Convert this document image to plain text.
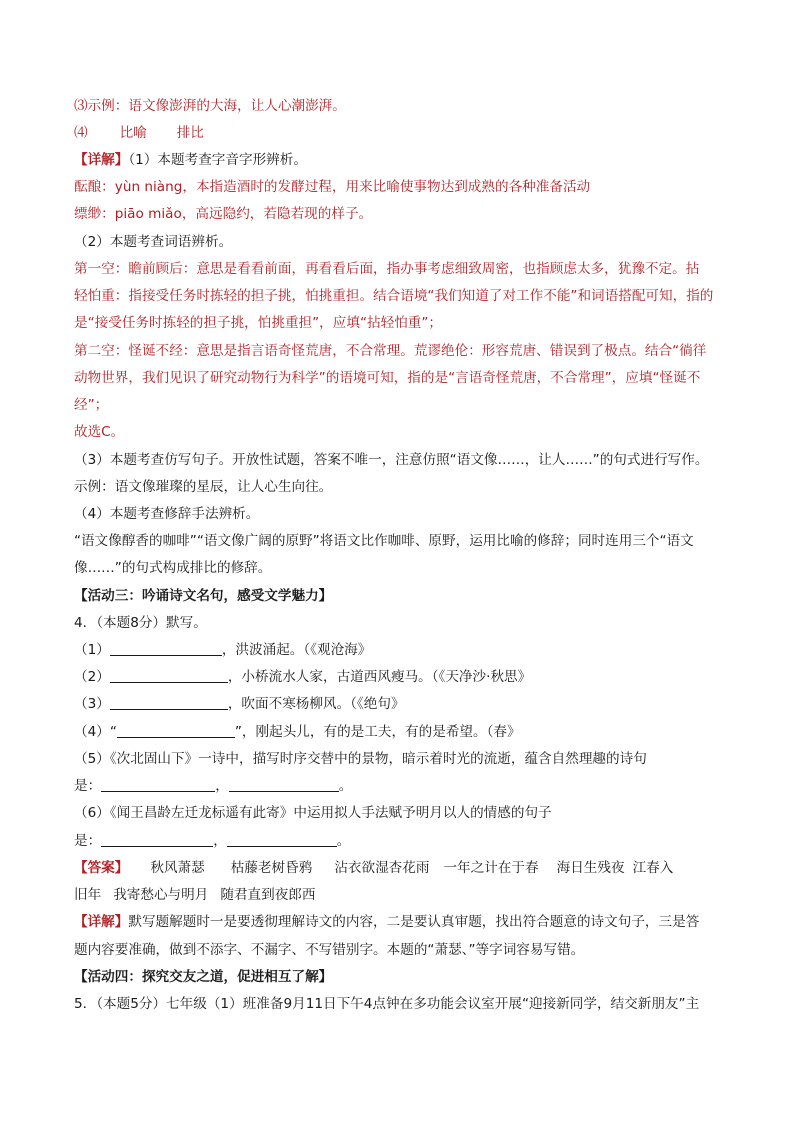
⑶示例：语文像澎湃的大海，让人心潮澎湃。
⑷ 比喻 排比
【详解】（1）本题考查字音字形辨析。
酝酿：yùn niàng，本指造酒时的发酵过程，用来比喻使事物达到成熟的各种准备活动
缥缈：piāo miǎo，高远隐约，若隐若现的样子。
（2）本题考查词语辨析。
第一空：瞻前顾后：意思是看看前面，再看看后面，指办事考虑细致周密，也指顾虑太多，犹豫不定。拈
轻怕重：指接受任务时拣轻的担子挑，怕挑重担。结合语境“我们知道了对工作不能”和词语搭配可知，指的
是“接受任务时拣轻的担子挑，怕挑重担”，应填“拈轻怕重”；
第二空：怪诞不经：意思是指言语奇怪荒唐，不合常理。荒谬绝伦：形容荒唐、错误到了极点。结合“徜徉
动物世界，我们见识了研究动物行为科学”的语境可知，指的是“言语奇怪荒唐，不合常理”，应填“怪诞不
经”；
故选C。
（3）本题考查仿写句子。开放性试题，答案不唯一，注意仿照“语文像……，让人……”的句式进行写作。
示例：语文像璀璨的星辰，让人心生向往。
（4）本题考查修辞手法辨析。
“语文像醇香的咖啡”“语文像广阔的原野”将语文比作咖啡、原野，运用比喻的修辞；同时连用三个“语文
像……”的句式构成排比的修辞。
【活动三：吟诵诗文名句，感受文学魅力】
4．（本题8分）默写。
（1）	，洪波涌起。（《观沧海》
（2）	，小桥流水人家，古道西风瘦马。（《天净沙·秋思》
（3）	，吹面不寒杨柳风。（《绝句》
（4）“	”，刚起头儿，有的是工夫，有的是希望。（春》
（5）《次北固山下》一诗中，描写时序交替中的景物，暗示着时光的流逝，蕴含自然理趣的诗句
是：	，	。
（6）《闻王昌龄左迁龙标遥有此寄》中运用拟人手法赋予明月以人的情感的句子
是：	，	。
【答案】 秋风萧瑟 枯藤老树昏鸦 沾衣欲湿杏花雨 一年之计在于春 海日生残夜 江春入
旧年 我寄愁心与明月 随君直到夜郎西
【详解】默写题解题时一是要透彻理解诗文的内容，二是要认真审题，找出符合题意的诗文句子，三是答
题内容要准确，做到不添字、不漏字、不写错别字。本题的“萧瑟、”等字词容易写错。
【活动四：探究交友之道，促进相互了解】
5．（本题5分）七年级（1）班准备9月11日下午4点钟在多功能会议室开展“迎接新同学，结交新朋友”主
